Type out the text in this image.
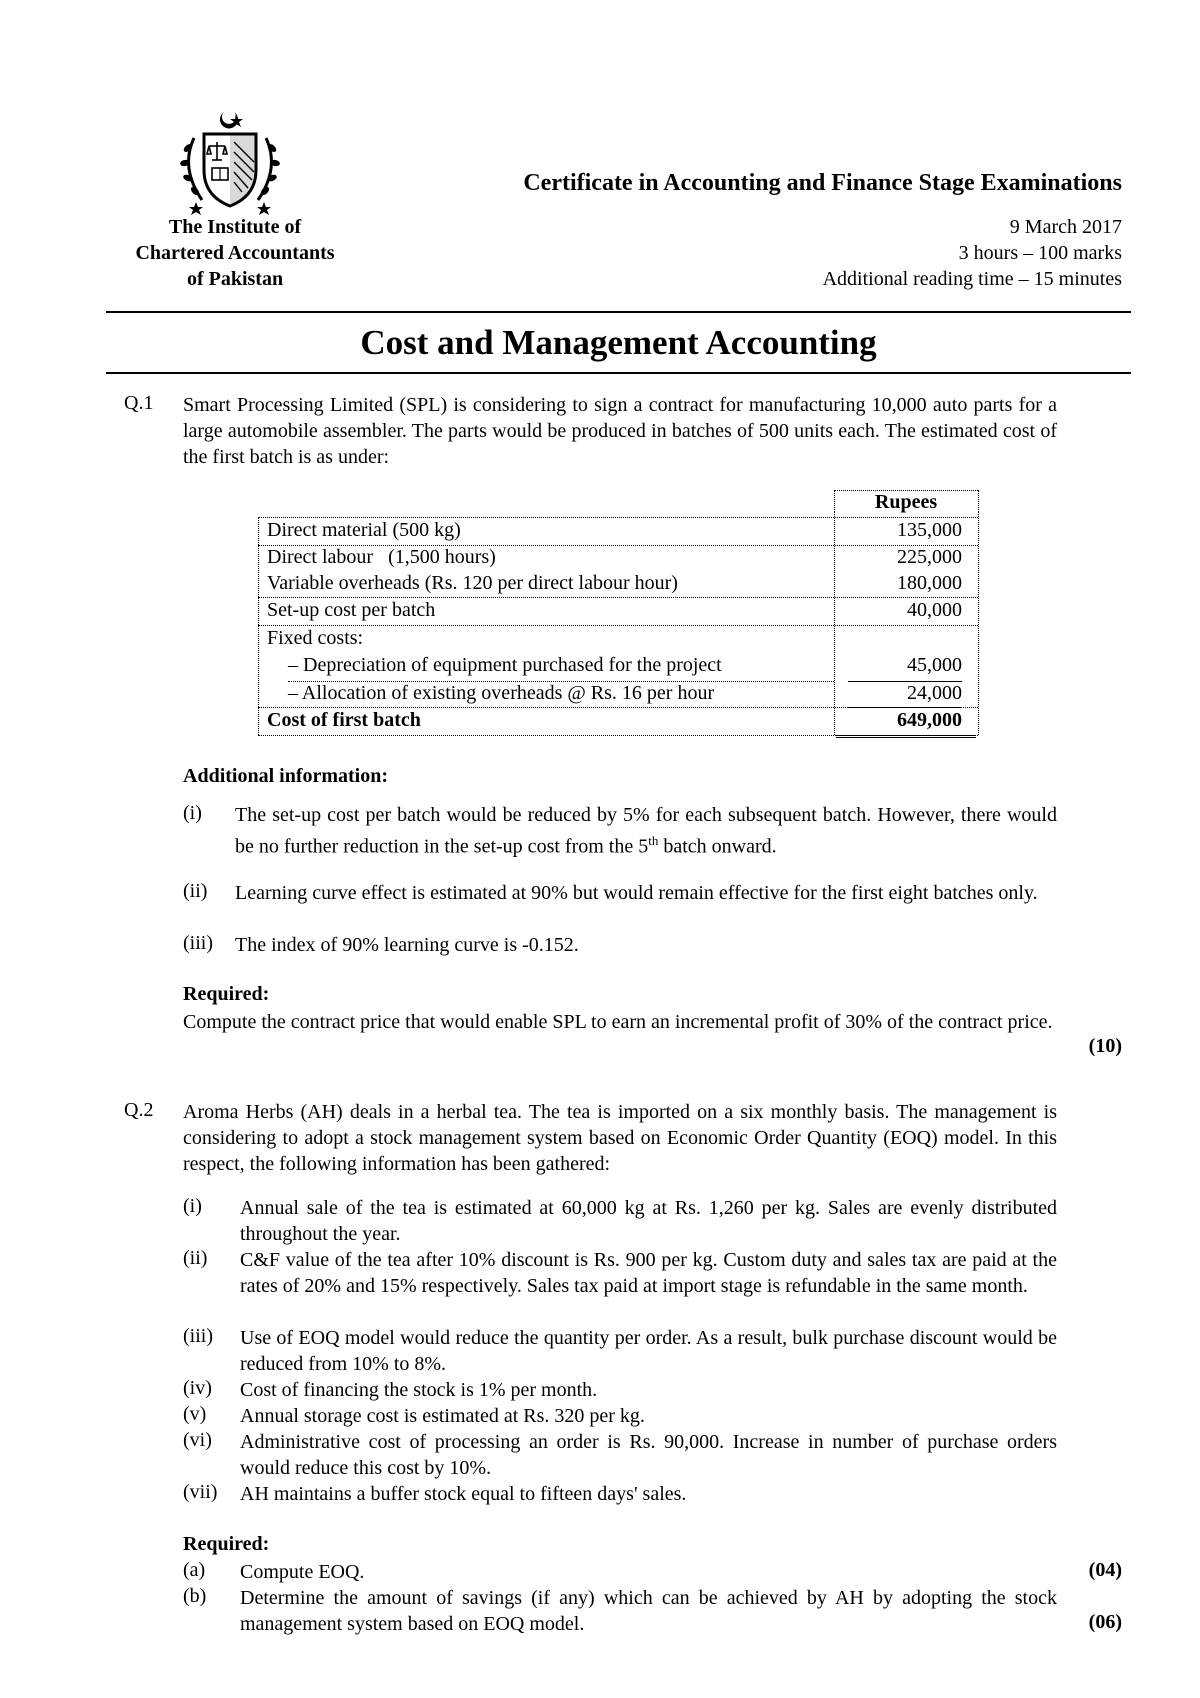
Certificate in Accounting and Finance Stage Examinations
The Institute of
Chartered Accountants
of Pakistan
9 March 2017
3 hours – 100 marks
Additional reading time – 15 minutes
Cost and Management Accounting
Q.1 Smart Processing Limited (SPL) is considering to sign a contract for manufacturing 10,000 auto parts for a large automobile assembler. The parts would be produced in batches of 500 units each. The estimated cost of the first batch is as under:
Rupees
Direct material (500 kg)	135,000
Direct labour   (1,500 hours)	225,000
Variable overheads (Rs. 120 per direct labour hour)	180,000
Set-up cost per batch	40,000
Fixed costs:
– Depreciation of equipment purchased for the project	45,000
– Allocation of existing overheads @ Rs. 16 per hour	24,000
Cost of first batch	649,000
Additional information:
(i) The set-up cost per batch would be reduced by 5% for each subsequent batch. However, there would be no further reduction in the set-up cost from the 5th batch onward.
(ii) Learning curve effect is estimated at 90% but would remain effective for the first eight batches only.
(iii) The index of 90% learning curve is -0.152.
Required:
Compute the contract price that would enable SPL to earn an incremental profit of 30% of the contract price.
(10)
Q.2 Aroma Herbs (AH) deals in a herbal tea. The tea is imported on a six monthly basis. The management is considering to adopt a stock management system based on Economic Order Quantity (EOQ) model. In this respect, the following information has been gathered:
(i) Annual sale of the tea is estimated at 60,000 kg at Rs. 1,260 per kg. Sales are evenly distributed throughout the year.
(ii) C&F value of the tea after 10% discount is Rs. 900 per kg. Custom duty and sales tax are paid at the rates of 20% and 15% respectively. Sales tax paid at import stage is refundable in the same month.
(iii) Use of EOQ model would reduce the quantity per order. As a result, bulk purchase discount would be reduced from 10% to 8%.
(iv) Cost of financing the stock is 1% per month.
(v) Annual storage cost is estimated at Rs. 320 per kg.
(vi) Administrative cost of processing an order is Rs. 90,000. Increase in number of purchase orders would reduce this cost by 10%.
(vii) AH maintains a buffer stock equal to fifteen days' sales.
Required:
(a) Compute EOQ.	(04)
(b) Determine the amount of savings (if any) which can be achieved by AH by adopting the stock management system based on EOQ model.	(06)
